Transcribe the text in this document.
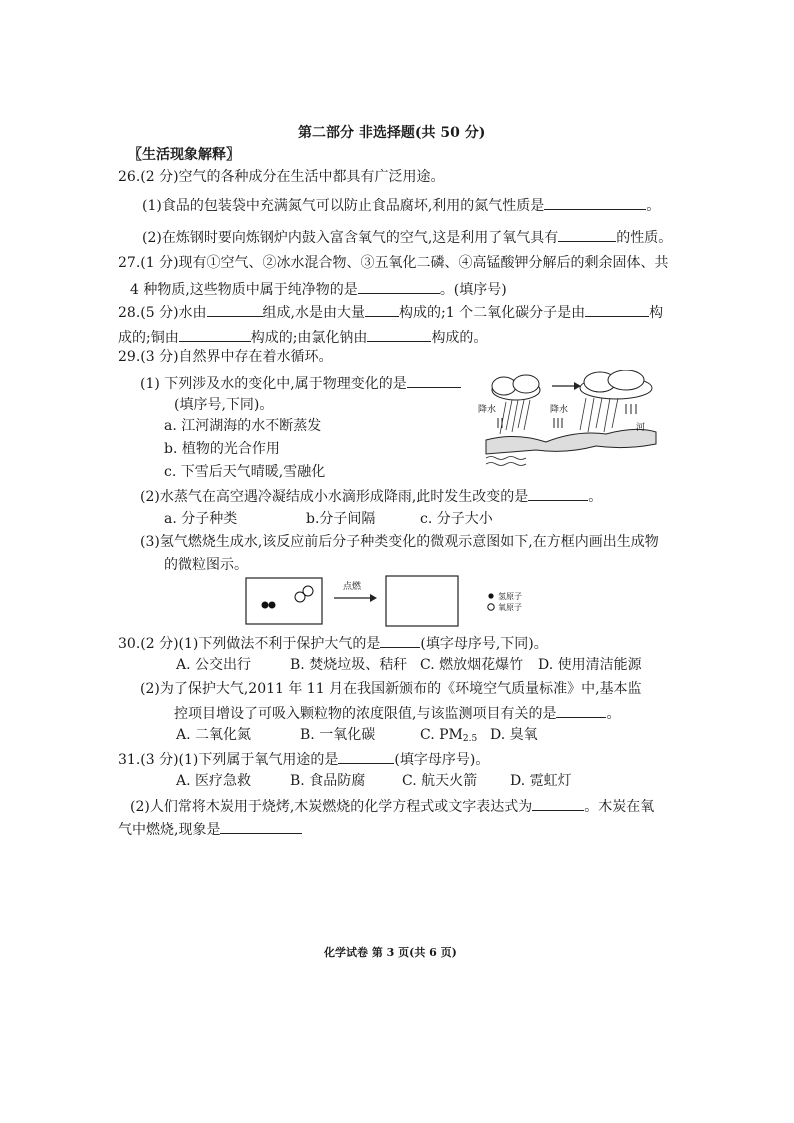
第二部分 非选择题(共 50 分)
〖生活现象解释〗
26.(2 分)空气的各种成分在生活中都具有广泛用途。
(1)食品的包装袋中充满氮气可以防止食品腐坏,利用的氮气性质是	。
(2)在炼钢时要向炼钢炉内鼓入富含氧气的空气,这是利用了氧气具有	的性质。
27.(1 分)现有①空气、②冰水混合物、③五氧化二磷、④高锰酸钾分解后的剩余固体、共
4 种物质,这些物质中属于纯净物的是	。(填序号)
28.(5 分)水由	组成,水是由大量 构成的;1 个二氧化碳分子是由	构
成的;铜由	构成的;由氯化钠由	构成的。
29.(3 分)自然界中存在着水循环。
(1) 下列涉及水的变化中,属于物理变化的是
(填序号,下同)。
a. 江河湖海的水不断蒸发
b. 植物的光合作用
c. 下雪后天气晴暖,雪融化
降水	降水
河
(2)水蒸气在高空遇冷凝结成小水滴形成降雨,此时发生改变的是	。
a. 分子种类	b.分子间隔	c. 分子大小
(3)氢气燃烧生成水,该反应前后分子种类变化的微观示意图如下,在方框内画出生成物
的微粒图示。
点燃
氢原子
氧原子
30.(2 分)(1)下列做法不利于保护大气的是	(填字母序号,下同)。
A. 公交出行	B. 焚烧垃圾、秸秆 C. 燃放烟花爆竹 D. 使用清洁能源
(2)为了保护大气,2011 年 11 月在我国新颁布的《环境空气质量标准》中,基本监
控项目增设了可吸入颗粒物的浓度限值,与该监测项目有关的是	。
A. 二氧化氮	B. 一氧化碳	C. $PM_{2.5}$ D. 臭氧
31.(3 分)(1)下列属于氧气用途的是	(填字母序号)。
A. 医疗急救	B. 食品防腐	C. 航天火箭 D. 霓虹灯
(2)人们常将木炭用于烧烤,木炭燃烧的化学方程式或文字表达式为	。木炭在氧
气中燃烧,现象是
化学试卷 第 3 页(共 6 页)
